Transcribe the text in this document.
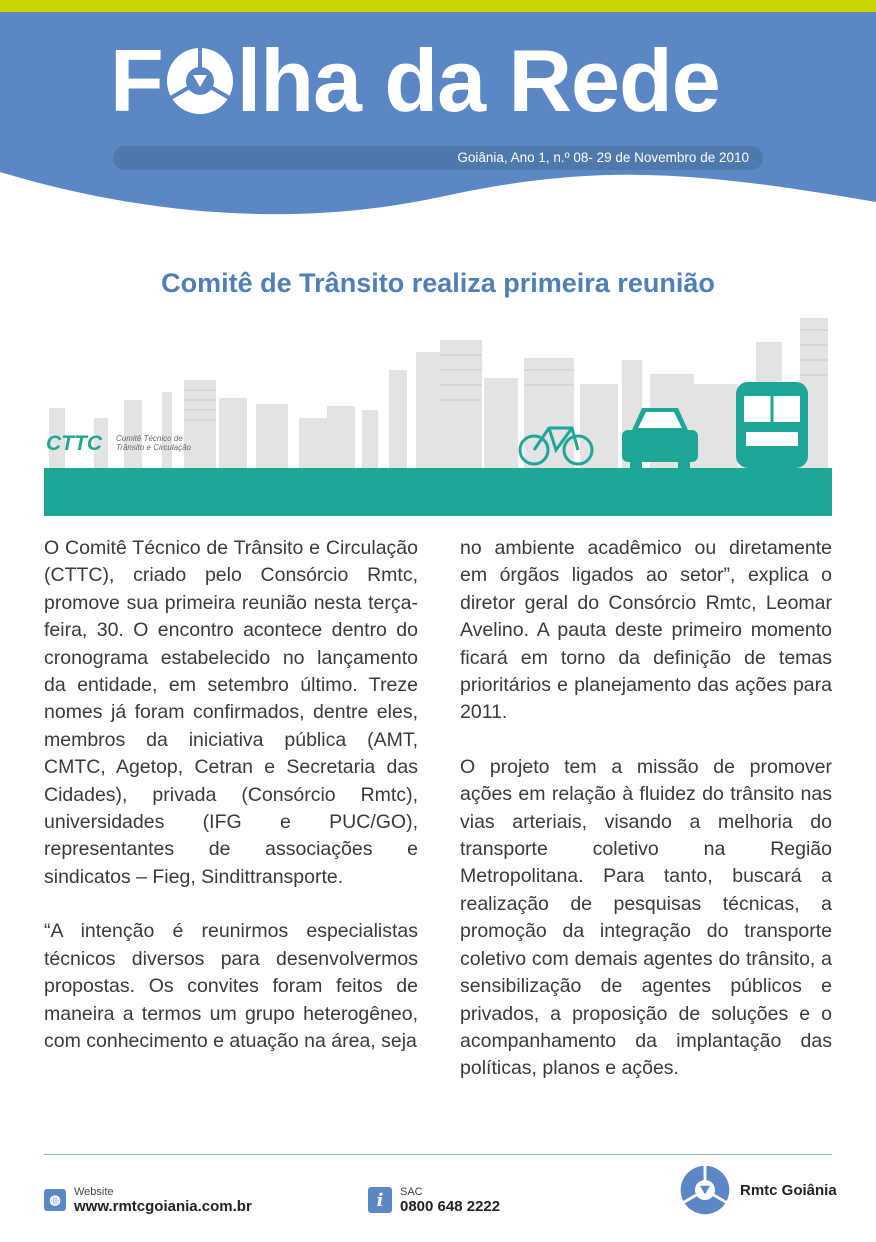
F lha da Rede
Goiânia, Ano 1, n.º 08- 29 de Novembro de 2010
Comitê de Trânsito realiza primeira reunião
CTTC Comitê Técnico de
Trânsito e Circulação

O Comitê Técnico de Trânsito e Circulação (CTTC), criado pelo Consórcio Rmtc, promove sua primeira reunião nesta terça-feira, 30. O encontro acontece dentro do cronograma estabelecido no lançamento da entidade, em setembro último. Treze nomes já foram confirmados, dentre eles, membros da iniciativa pública (AMT, CMTC, Agetop, Cetran e Secretaria das Cidades), privada (Consórcio Rmtc), universidades (IFG e PUC/GO), representantes de associações e sindicatos – Fieg, Sindittransporte.

“A intenção é reunirmos especialistas técnicos diversos para desenvolvermos propostas. Os convites foram feitos de maneira a termos um grupo heterogêneo, com conhecimento e atuação na área, seja

no ambiente acadêmico ou diretamente em órgãos ligados ao setor”, explica o diretor geral do Consórcio Rmtc, Leomar Avelino. A pauta deste primeiro momento ficará em torno da definição de temas prioritários e planejamento das ações para 2011.

O projeto tem a missão de promover ações em relação à fluidez do trânsito nas vias arteriais, visando a melhoria do transporte coletivo na Região Metropolitana. Para tanto, buscará a realização de pesquisas técnicas, a promoção da integração do transporte coletivo com demais agentes do trânsito, a sensibilização de agentes públicos e privados, a proposição de soluções e o acompanhamento da implantação das políticas, planos e ações.

◍
Website
www.rmtcgoiania.com.br	i	SAC
0800 648 2222
Rmtc Goiânia
